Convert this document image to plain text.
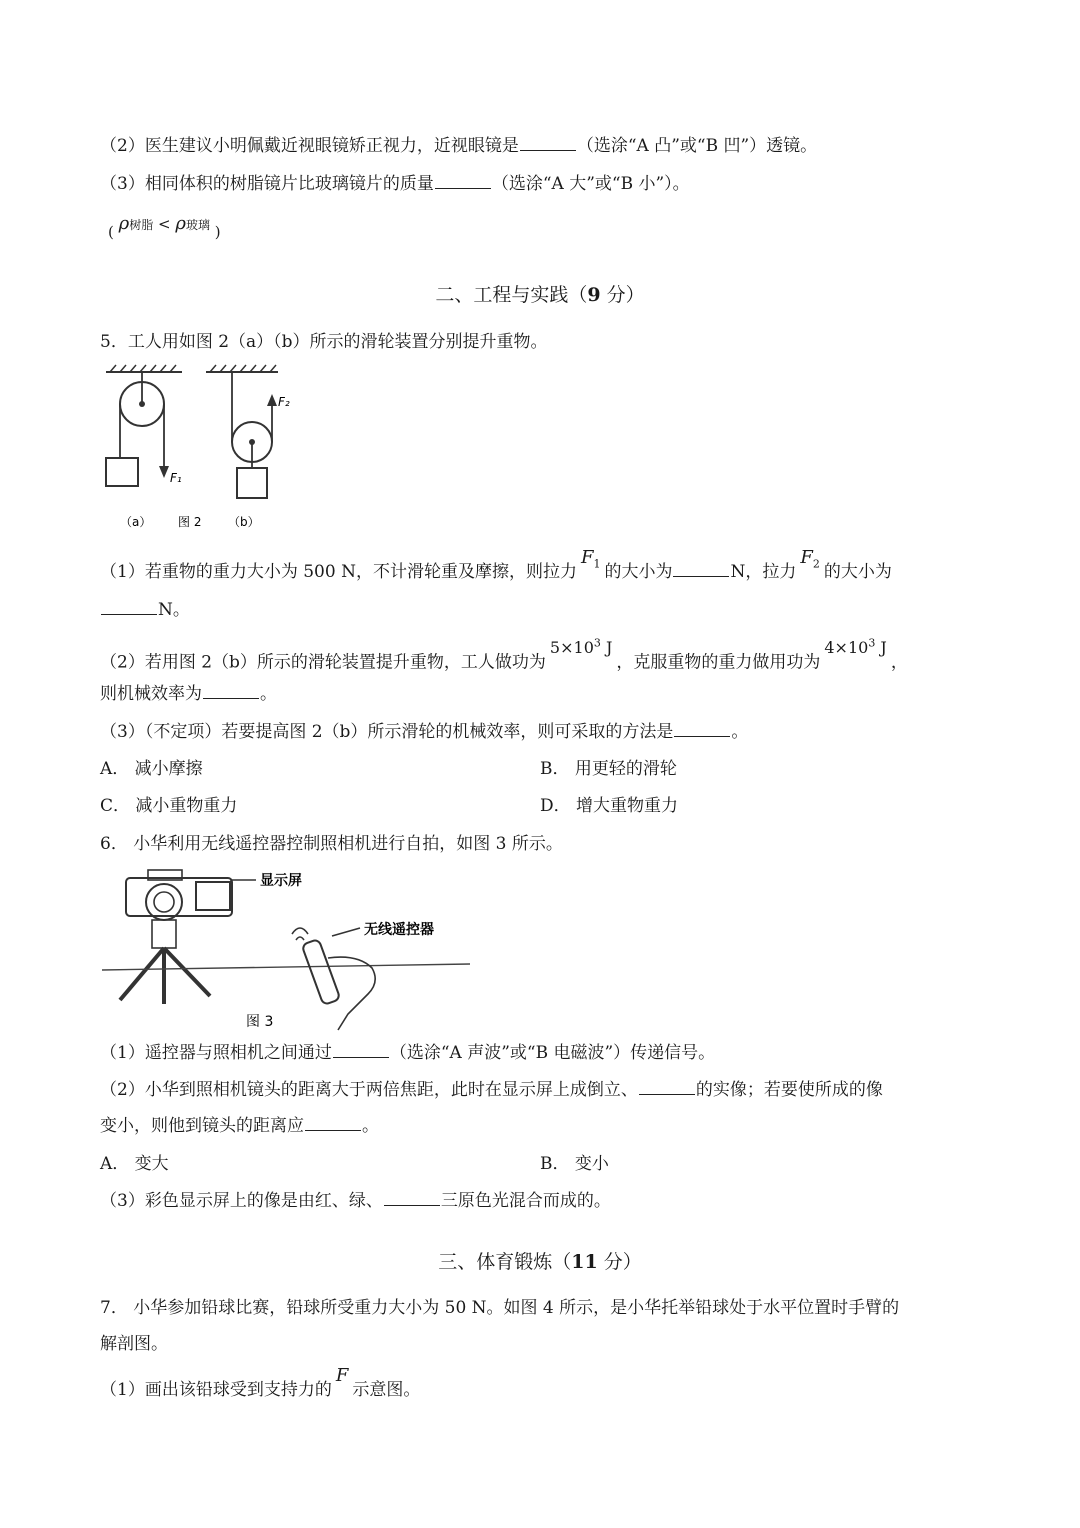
（2）医生建议小明佩戴近视眼镜矫正视力，近视眼镜是	（选涂“A 凸”或“B 凹”）透镜。
（3）相同体积的树脂镜片比玻璃镜片的质量	（选涂“A 大”或“B 小”）。
( ρ树脂 < ρ玻璃 )
二、工程与实践（9 分）
5．工人用如图 2（a）（b）所示的滑轮装置分别提升重物。
F₁
F₂
（a） 图 2 （b）
（1）若重物的重力大小为 500 N，不计滑轮重及摩擦，则拉力$F_1$ 的大小为	N，拉力$F_2$ 的大小为
N。
（2）若用图 2（b）所示的滑轮装置提升重物，工人做功为$5\times 10^3$ J，克服重物的重力做用功为$4\times 10^3$ J，
则机械效率为	。
（3）（不定项）若要提高图 2（b）所示滑轮的机械效率，则可采取的方法是	。
A． 减小摩擦	B． 用更轻的滑轮
C． 减小重物重力	D． 增大重物重力
6． 小华利用无线遥控器控制照相机进行自拍，如图 3 所示。
显示屏
无线遥控器
图 3
（1）遥控器与照相机之间通过	（选涂“A 声波”或“B 电磁波”）传递信号。
（2）小华到照相机镜头的距离大于两倍焦距，此时在显示屏上成倒立、	的实像；若要使所成的像
变小，则他到镜头的距离应	。
A． 变大	B． 变小
（3）彩色显示屏上的像是由红、绿、	三原色光混合而成的。
三、体育锻炼（11 分）
7． 小华参加铅球比赛，铅球所受重力大小为 50 N。如图 4 所示，是小华托举铅球处于水平位置时手臂的
解剖图。
（1）画出该铅球受到支持力的F示意图。
